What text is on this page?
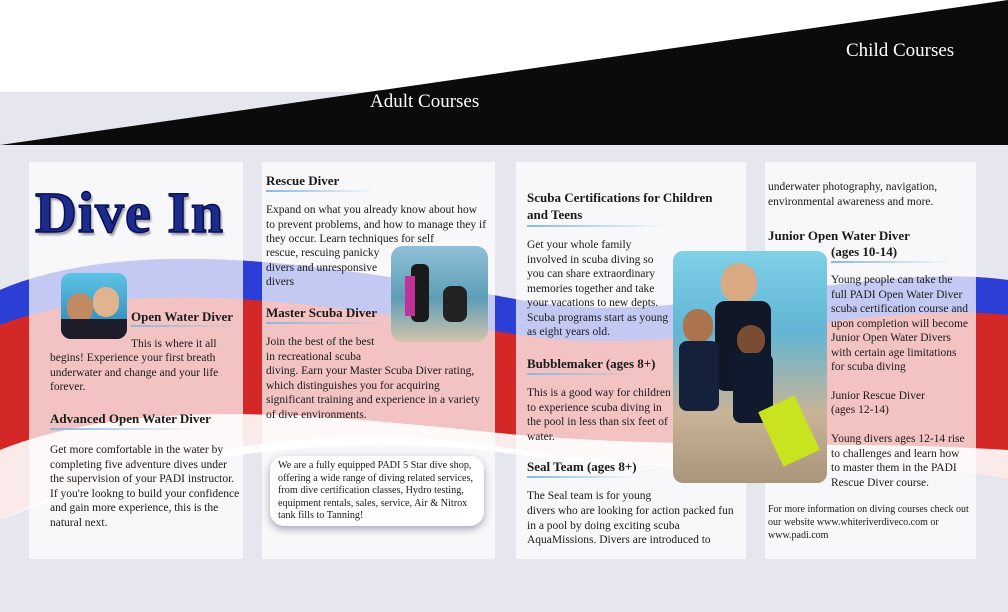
Child Courses
Adult Courses
Dive In
Open Water Diver
This is where it all
begins! Experience your first breath underwater and change and your life forever.
Advanced Open Water Diver
Get more comfortable in the water by completing five adventure dives under the supervision of your PADI instructor. If you're lookng to build your confidence and gain more experience, this is the natural next.
Rescue Diver
Expand on what you already know about how to prevent problems, and how to manage they if they occur. Learn techniques for self
rescue, rescuing panicky divers and unresponsive divers
Master Scuba Diver
Join the best of the best in recreational scuba
diving. Earn your Master Scuba Diver rating, which distinguishes you for acquiring significant training and experience in a variety of dive environments.
We are a fully equipped PADI 5 Star dive shop, offering a wide range of diving related services, from dive certification classes, Hydro testing, equipment rentals, sales, service, Air & Nitrox tank fills to Tanning!
Scuba Certifications for Children and Teens
Get your whole family involved in scuba diving so you can share extraordinary memories together and take your vacations to new depts. Scuba programs start as young as eight years old.
Bubblemaker (ages 8+)
This is a good way for children to experience scuba diving in the pool in less than six feet of water.
Seal Team (ages 8+)
The Seal team is for young
divers who are looking for action packed fun in a pool by doing exciting scuba AquaMissions. Divers are introduced to
underwater photography, navigation, environmental awareness and more.
Junior Open Water Diver
(ages 10-14)
Young people can take the full PADI Open Water Diver scuba certification course and upon completion will become Junior Open Water Divers with certain age limitations for scuba diving
Junior Rescue Diver
(ages 12-14)
Young divers ages 12-14 rise to challenges and learn how to master them in the PADI Rescue Diver course.
For more information on diving courses check out our website www.whiteriverdiveco.com or www.padi.com
